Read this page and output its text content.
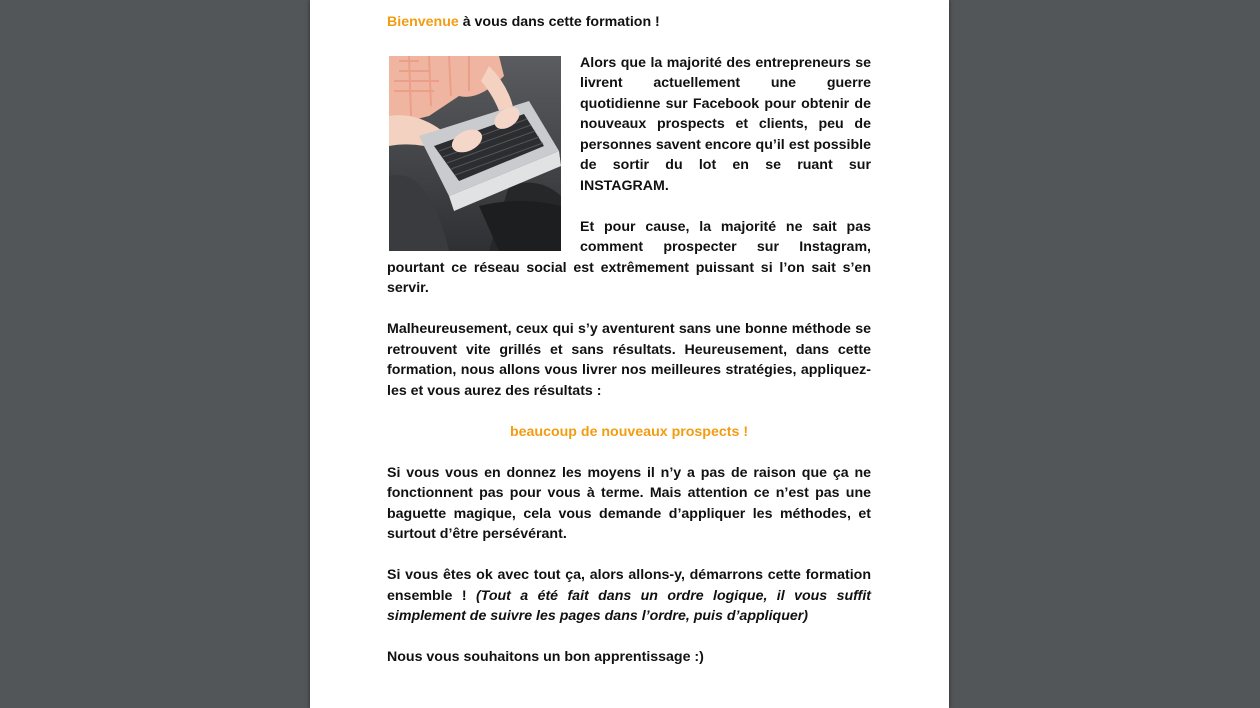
Bienvenue à vous dans cette formation !

Alors que la majorité des entrepreneurs se livrent actuellement une guerre quotidienne sur Facebook pour obtenir de nouveaux prospects et clients, peu de personnes savent encore qu’il est possible de sortir du lot en se ruant sur INSTAGRAM.

Et pour cause, la majorité ne sait pas comment prospecter sur Instagram, pourtant ce réseau social est extrêmement puissant si l’on sait s’en servir.

Malheureusement, ceux qui s’y aventurent sans une bonne méthode se retrouvent vite grillés et sans résultats. Heureusement, dans cette formation, nous allons vous livrer nos meilleures stratégies, appliquez-les et vous aurez des résultats :

beaucoup de nouveaux prospects !

Si vous vous en donnez les moyens il n’y a pas de raison que ça ne fonctionnent pas pour vous à terme. Mais attention ce n’est pas une baguette magique, cela vous demande d’appliquer les méthodes, et surtout d’être persévérant.

Si vous êtes ok avec tout ça, alors allons-y, démarrons cette formation ensemble ! (Tout a été fait dans un ordre logique, il vous suffit simplement de suivre les pages dans l’ordre, puis d’appliquer)

Nous vous souhaitons un bon apprentissage :)
